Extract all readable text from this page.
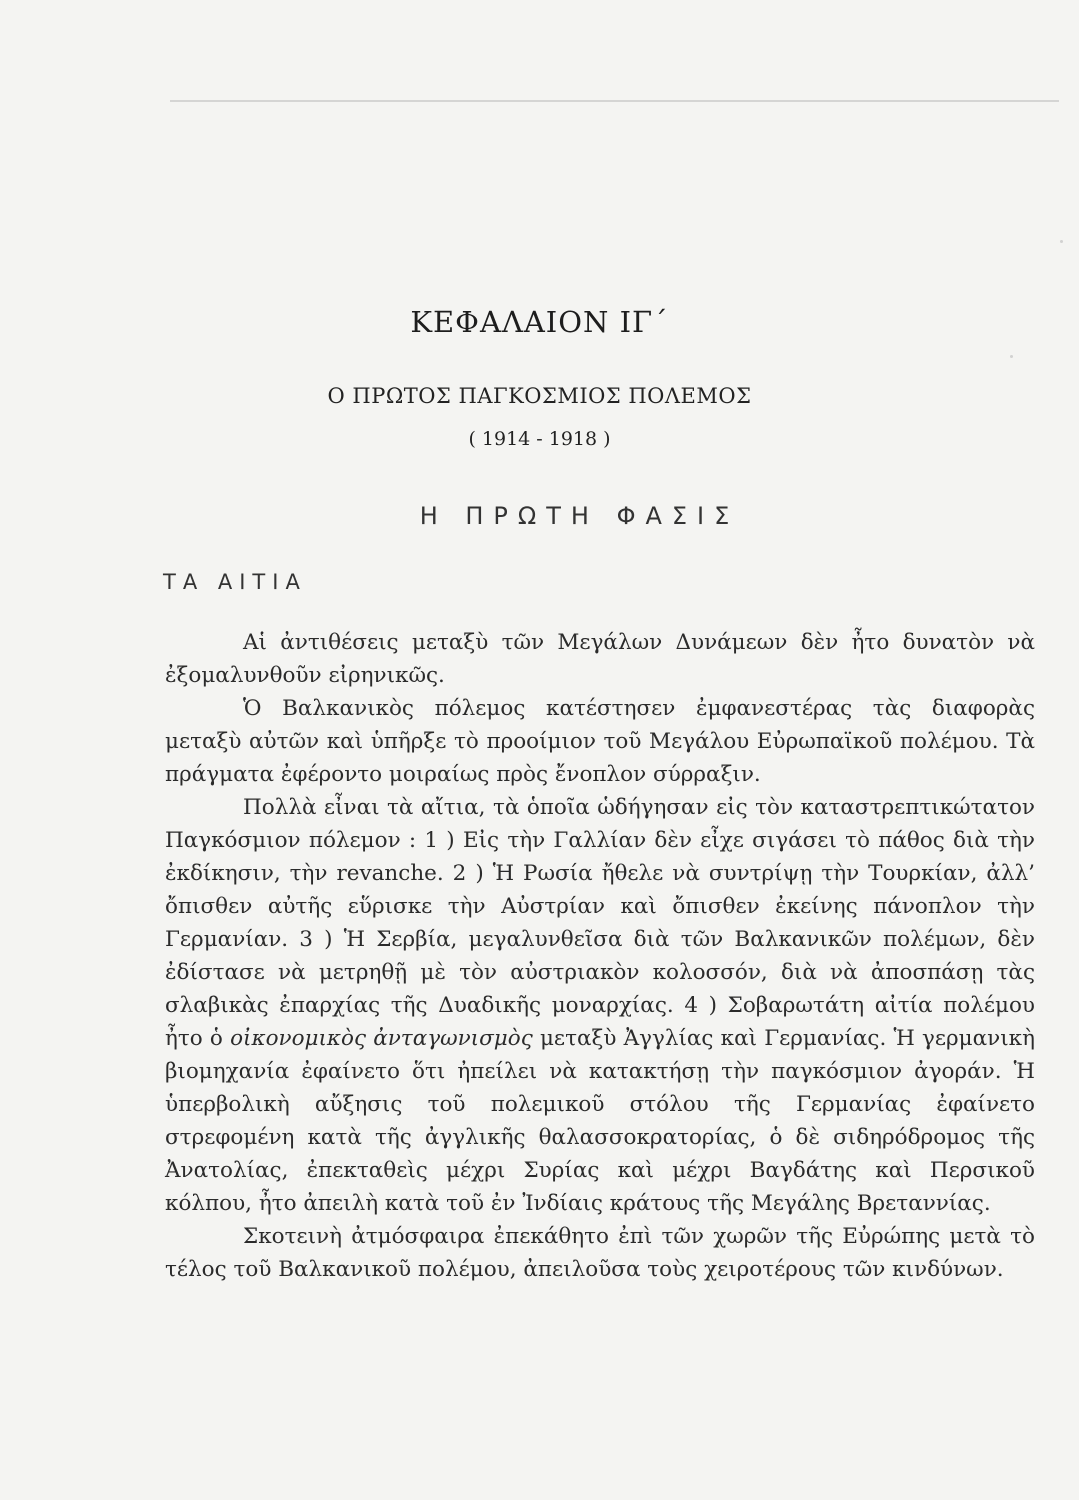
ΚΕΦΑΛΑΙΟΝ ΙΓ΄
Ο ΠΡΩΤΟΣ ΠΑΓΚΟΣΜΙΟΣ ΠΟΛΕΜΟΣ
( 1914 - 1918 )
Η ΠΡΩΤΗ ΦΑΣΙΣ
ΤΑ ΑΙΤΙΑ

Αἱ ἀντιθέσεις μεταξὺ τῶν Μεγάλων Δυνάμεων δὲν ἦτο δυνατὸν νὰ ἐξομαλυνθοῦν εἰρηνικῶς.

Ὁ Βαλκανικὸς πόλεμος κατέστησεν ἐμφανεστέρας τὰς διαφορὰς μεταξὺ αὐτῶν καὶ ὑπῆρξε τὸ προοίμιον τοῦ Μεγάλου Εὐρωπαϊκοῦ πολέμου. Τὰ πράγματα ἐφέροντο μοιραίως πρὸς ἔνοπλον σύρραξιν.

Πολλὰ εἶναι τὰ αἴτια, τὰ ὁποῖα ὡδήγησαν εἰς τὸν καταστρεπτικώτατον Παγκόσμιον πόλεμον : 1 ) Εἰς τὴν Γαλλίαν δὲν εἶχε σιγάσει τὸ πάθος διὰ τὴν ἐκδίκησιν, τὴν revanche. 2 ) Ἡ Ρωσία ἤθελε νὰ συντρίψῃ τὴν Τουρκίαν, ἀλλ’ ὄπισθεν αὐτῆς εὕρισκε τὴν Αὐστρίαν καὶ ὄπισθεν ἐκείνης πάνοπλον τὴν Γερμανίαν. 3 ) Ἡ Σερβία, μεγαλυνθεῖσα διὰ τῶν Βαλκανικῶν πολέμων, δὲν ἐδίστασε νὰ μετρηθῇ μὲ τὸν αὐστριακὸν κολοσσόν, διὰ νὰ ἀποσπάσῃ τὰς σλαβικὰς ἐπαρχίας τῆς Δυαδικῆς μοναρχίας. 4 ) Σοβαρωτάτη αἰτία πολέμου ἦτο ὁ οἰκονομικὸς ἀνταγωνισμὸς μεταξὺ Ἀγγλίας καὶ Γερμανίας. Ἡ γερμανικὴ βιομηχανία ἐφαίνετο ὅτι ἠπείλει νὰ κατακτήσῃ τὴν παγκόσμιον ἀγοράν. Ἡ ὑπερβολικὴ αὔξησις τοῦ πολεμικοῦ στόλου τῆς Γερμανίας ἐφαίνετο στρεφομένη κατὰ τῆς ἀγγλικῆς θαλασσοκρατορίας, ὁ δὲ σιδηρόδρομος τῆς Ἀνατολίας, ἐπεκταθεὶς μέχρι Συρίας καὶ μέχρι Βαγδάτης καὶ Περσικοῦ κόλπου, ἦτο ἀπειλὴ κατὰ τοῦ ἐν Ἰνδίαις κράτους τῆς Μεγάλης Βρεταννίας.

Σκοτεινὴ ἀτμόσφαιρα ἐπεκάθητο ἐπὶ τῶν χωρῶν τῆς Εὐρώπης μετὰ τὸ τέλος τοῦ Βαλκανικοῦ πολέμου, ἀπειλοῦσα τοὺς χειροτέρους τῶν κινδύνων.
